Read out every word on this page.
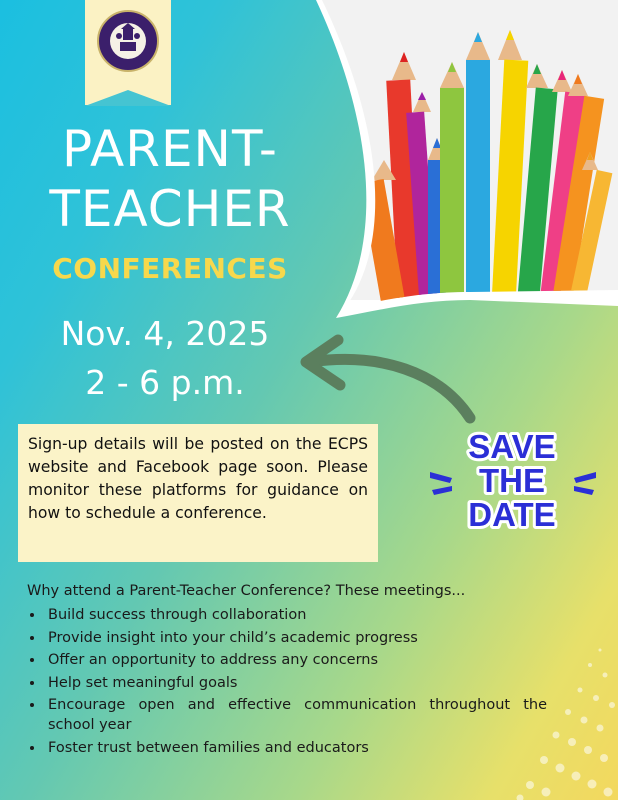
PARENT-
TEACHER
CONFERENCES
Nov. 4, 2025
2 - 6 p.m.
Sign-up details will be posted on the ECPS website and Facebook page soon. Please monitor these platforms for guidance on how to schedule a conference.
SAVE
THE
DATE
Why attend a Parent-Teacher Conference? These meetings...
• Build success through collaboration
• Provide insight into your child’s academic progress
• Offer an opportunity to address any concerns
• Help set meaningful goals
• Encourage open and effective communication throughout the school year
• Foster trust between families and educators
